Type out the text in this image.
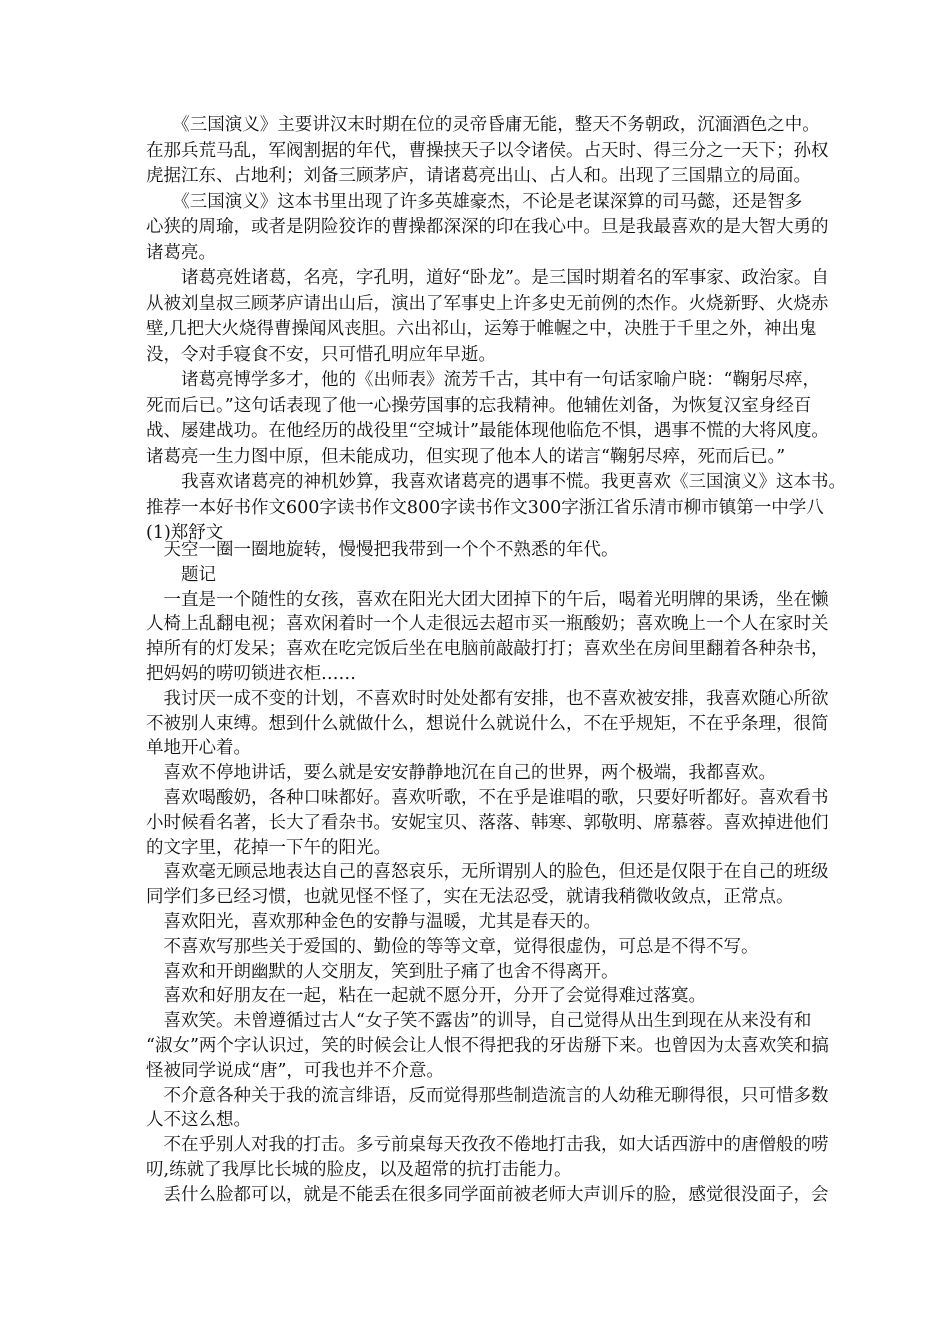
　　《三国演义》主要讲汉末时期在位的灵帝昏庸无能，整天不务朝政，沉湎酒色之中。
在那兵荒马乱，军阀割据的年代，曹操挟天子以令诸侯。占天时、得三分之一天下；孙权
虎据江东、占地利；刘备三顾茅庐，请诸葛亮出山、占人和。出现了三国鼎立的局面。
　　《三国演义》这本书里出现了许多英雄豪杰，不论是老谋深算的司马懿，还是智多
心狭的周瑜，或者是阴险狡诈的曹操都深深的印在我心中。旦是我最喜欢的是大智大勇的
诸葛亮。
　　诸葛亮姓诸葛，名亮，字孔明，道好“卧龙”。是三国时期着名的军事家、政治家。自
从被刘皇叔三顾茅庐请出山后，演出了军事史上许多史无前例的杰作。火烧新野、火烧赤
壁,几把大火烧得曹操闻风丧胆。六出祁山，运筹于帷幄之中，决胜于千里之外，神出鬼
没，令对手寝食不安，只可惜孔明应年早逝。
　　诸葛亮博学多才，他的《出师表》流芳千古，其中有一句话家喻户晓：“鞠躬尽瘁，
死而后已。”这句话表现了他一心操劳国事的忘我精神。他辅佐刘备，为恢复汉室身经百
战、屡建战功。在他经历的战役里“空城计”最能体现他临危不惧，遇事不慌的大将风度。
诸葛亮一生力图中原，但未能成功，但实现了他本人的诺言“鞠躬尽瘁，死而后已。”
　　我喜欢诸葛亮的神机妙算，我喜欢诸葛亮的遇事不慌。我更喜欢《三国演义》这本书。
推荐一本好书作文600字读书作文800字读书作文300字浙江省乐清市柳市镇第一中学八
(1)郑舒文
　天空一圈一圈地旋转，慢慢把我带到一个个不熟悉的年代。
　　题记
　一直是一个随性的女孩，喜欢在阳光大团大团掉下的午后，喝着光明牌的果诱，坐在懒
人椅上乱翻电视；喜欢闲着时一个人走很远去超市买一瓶酸奶；喜欢晚上一个人在家时关
掉所有的灯发呆；喜欢在吃完饭后坐在电脑前敲敲打打；喜欢坐在房间里翻着各种杂书，
把妈妈的唠叨锁进衣柜……
　我讨厌一成不变的计划，不喜欢时时处处都有安排，也不喜欢被安排，我喜欢随心所欲
不被别人束缚。想到什么就做什么，想说什么就说什么，不在乎规矩，不在乎条理，很简
单地开心着。
　喜欢不停地讲话，要么就是安安静静地沉在自己的世界，两个极端，我都喜欢。
　喜欢喝酸奶，各种口味都好。喜欢听歌，不在乎是谁唱的歌，只要好听都好。喜欢看书
小时候看名著，长大了看杂书。安妮宝贝、落落、韩寒、郭敬明、席慕蓉。喜欢掉进他们
的文字里，花掉一下午的阳光。
　喜欢毫无顾忌地表达自己的喜怒哀乐，无所谓别人的脸色，但还是仅限于在自己的班级
同学们多已经习惯，也就见怪不怪了，实在无法忍受，就请我稍微收敛点，正常点。
　喜欢阳光，喜欢那种金色的安静与温暖，尤其是春天的。
　不喜欢写那些关于爱国的、勤俭的等等文章，觉得很虚伪，可总是不得不写。
　喜欢和开朗幽默的人交朋友，笑到肚子痛了也舍不得离开。
　喜欢和好朋友在一起，粘在一起就不愿分开，分开了会觉得难过落寞。
　喜欢笑。未曾遵循过古人“女子笑不露齿”的训导，自己觉得从出生到现在从来没有和
“淑女”两个字认识过，笑的时候会让人恨不得把我的牙齿掰下来。也曾因为太喜欢笑和搞
怪被同学说成“唐”，可我也并不介意。
　不介意各种关于我的流言绯语，反而觉得那些制造流言的人幼稚无聊得很，只可惜多数
人不这么想。
　不在乎别人对我的打击。多亏前桌每天孜孜不倦地打击我，如大话西游中的唐僧般的唠
叨,练就了我厚比长城的脸皮，以及超常的抗打击能力。
　丢什么脸都可以，就是不能丢在很多同学面前被老师大声训斥的脸，感觉很没面子，会
